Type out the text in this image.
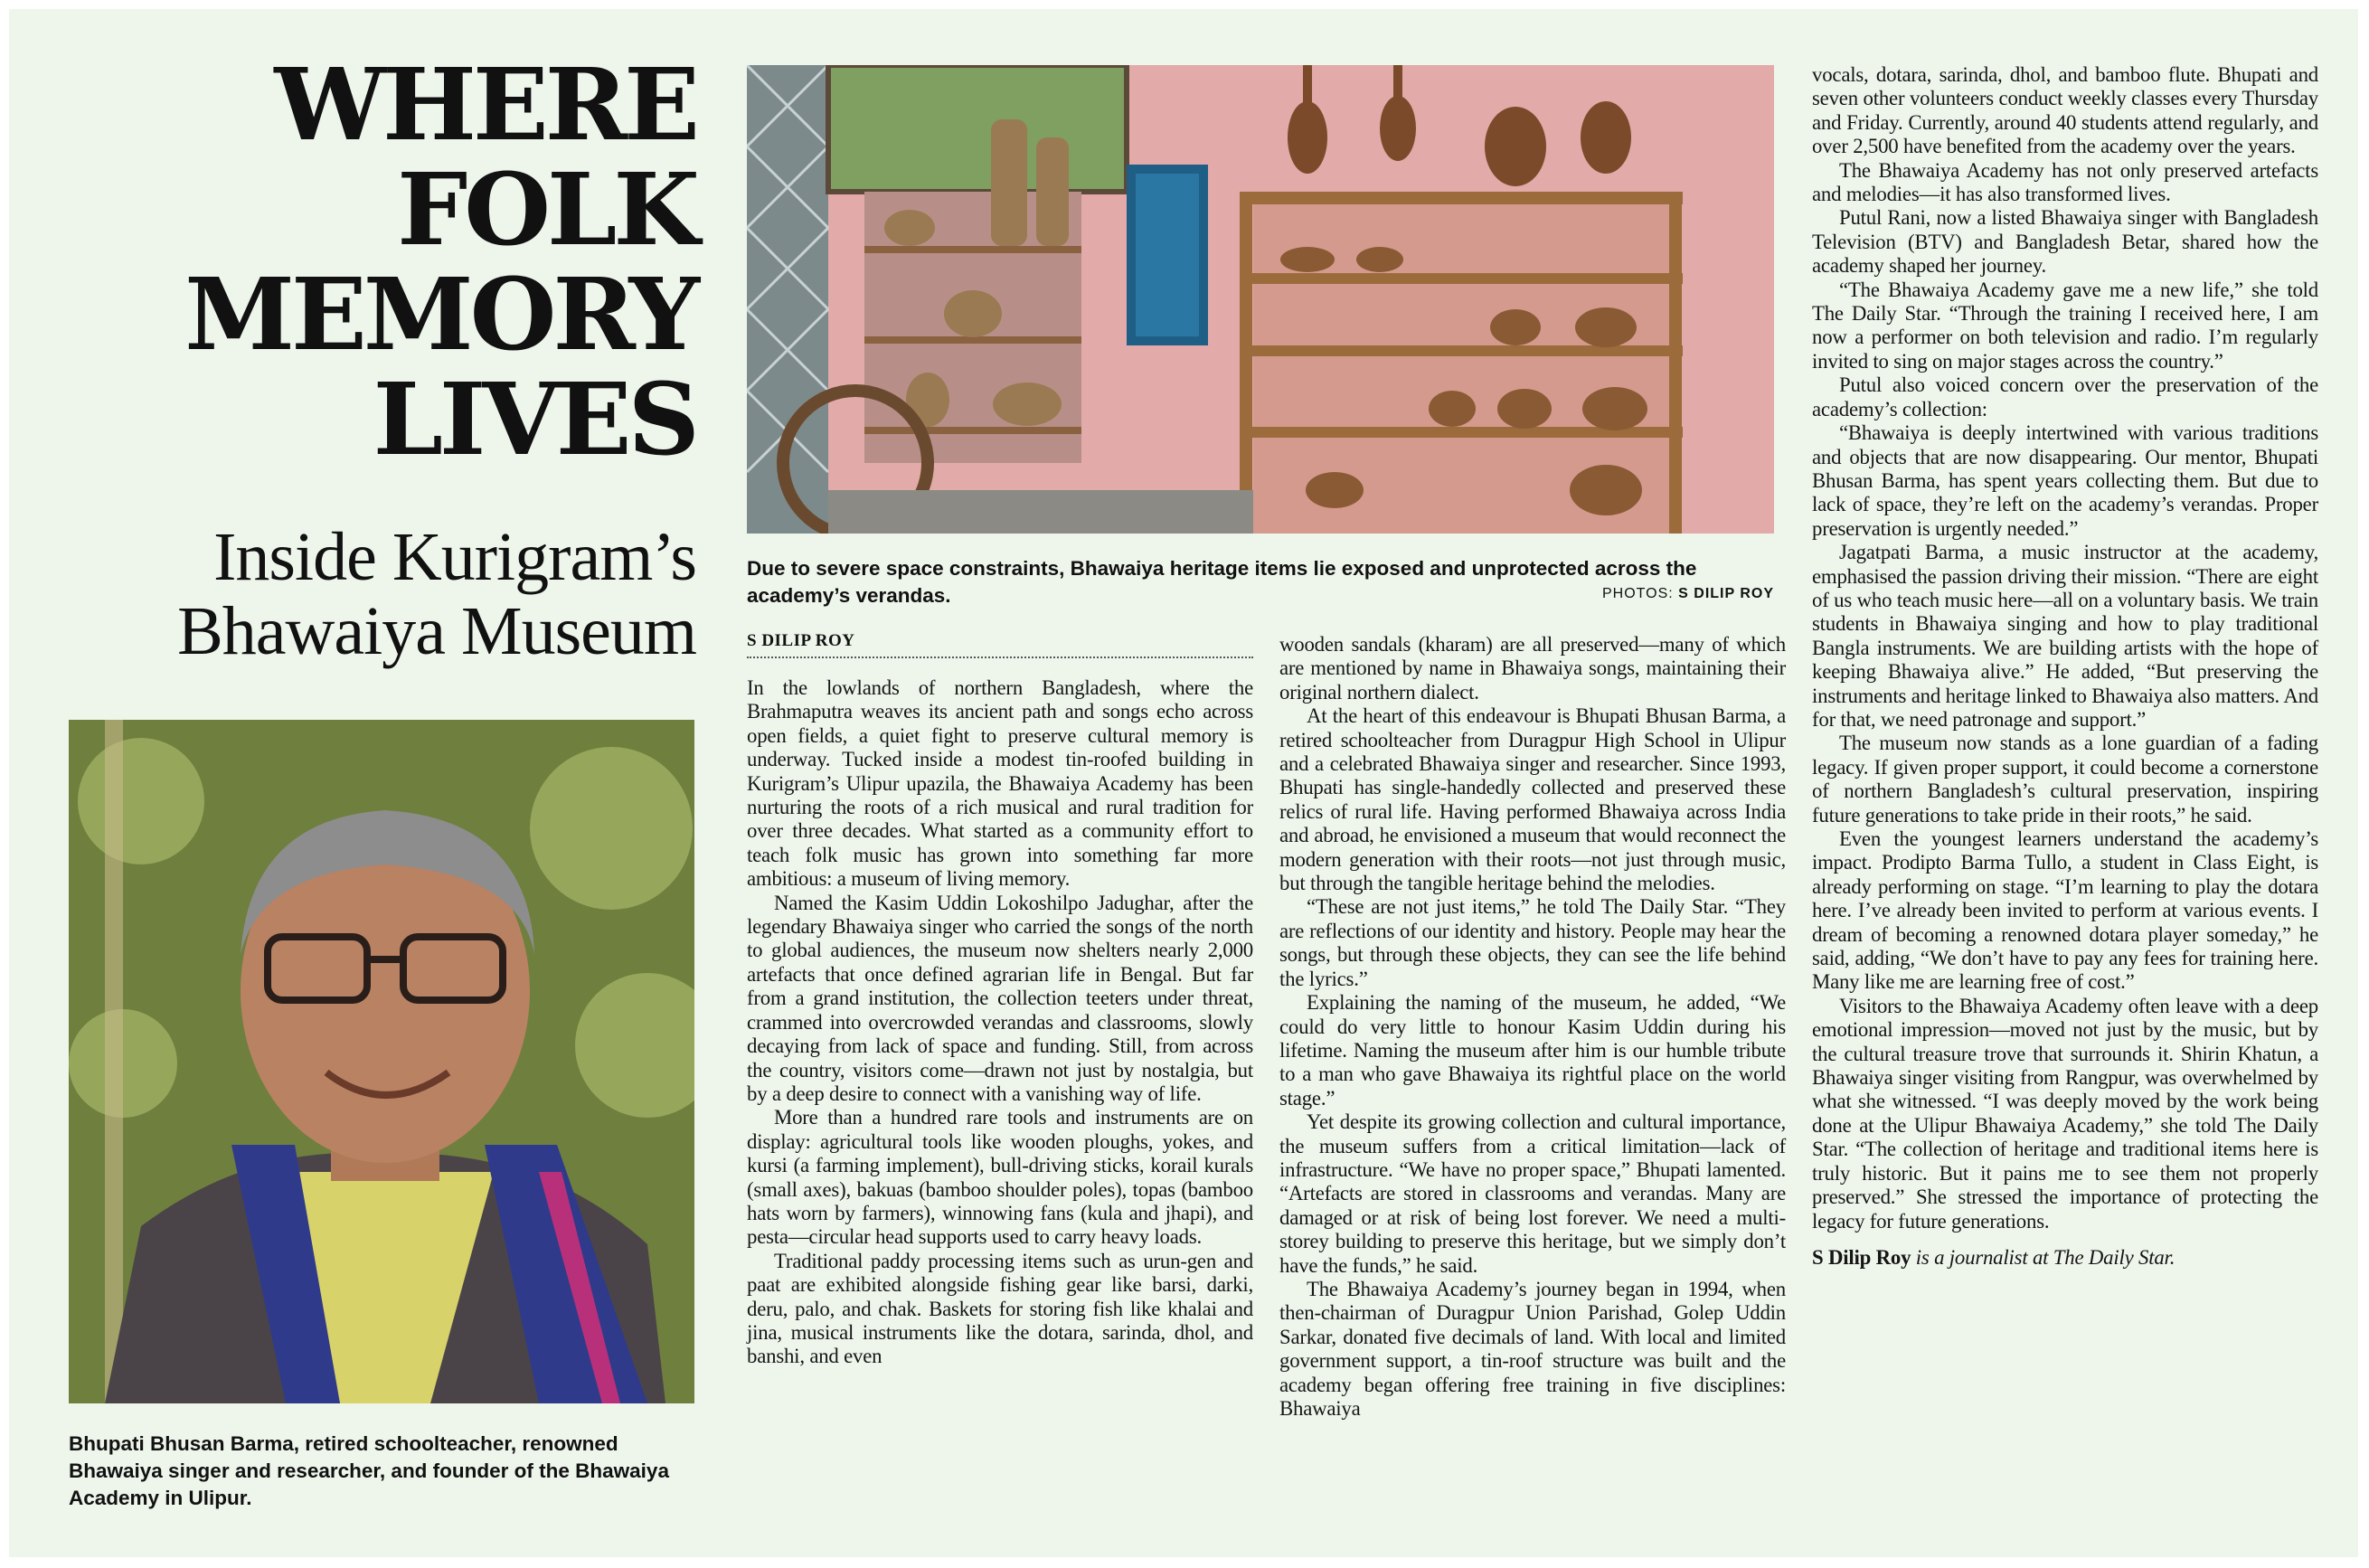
WHERE
FOLK
MEMORY
LIVES
Inside Kurigram’s
Bhawaiya Museum

Due to severe space constraints, Bhawaiya heritage items lie exposed and unprotected across the academy’s verandas.	PHOTOS: S DILIP ROY

Bhupati Bhusan Barma, retired schoolteacher, renowned Bhawaiya singer and researcher, and founder of the Bhawaiya Academy in Ulipur.

S DILIP ROY

In the lowlands of northern Bangladesh, where the Brahmaputra weaves its ancient path and songs echo across open fields, a quiet fight to preserve cultural memory is underway. Tucked inside a modest tin-roofed building in Kurigram’s Ulipur upazila, the Bhawaiya Academy has been nurturing the roots of a rich musical and rural tradition for over three decades. What started as a community effort to teach folk music has grown into something far more ambitious: a museum of living memory.

Named the Kasim Uddin Lokoshilpo Jadughar, after the legendary Bhawaiya singer who carried the songs of the north to global audiences, the museum now shelters nearly 2,000 artefacts that once defined agrarian life in Bengal. But far from a grand institution, the collection teeters under threat, crammed into overcrowded verandas and classrooms, slowly decaying from lack of space and funding. Still, from across the country, visitors come—drawn not just by nostalgia, but by a deep desire to connect with a vanishing way of life.

More than a hundred rare tools and instruments are on display: agricultural tools like wooden ploughs, yokes, and kursi (a farming implement), bull-driving sticks, korail kurals (small axes), bakuas (bamboo shoulder poles), topas (bamboo hats worn by farmers), winnowing fans (kula and jhapi), and pesta—circular head supports used to carry heavy loads.

Traditional paddy processing items such as urun-gen and paat are exhibited alongside fishing gear like barsi, darki, deru, palo, and chak. Baskets for storing fish like khalai and jina, musical instruments like the dotara, sarinda, dhol, and banshi, and even

wooden sandals (kharam) are all preserved—many of which are mentioned by name in Bhawaiya songs, maintaining their original northern dialect.

At the heart of this endeavour is Bhupati Bhusan Barma, a retired schoolteacher from Duragpur High School in Ulipur and a celebrated Bhawaiya singer and researcher. Since 1993, Bhupati has single-handedly collected and preserved these relics of rural life. Having performed Bhawaiya across India and abroad, he envisioned a museum that would reconnect the modern generation with their roots—not just through music, but through the tangible heritage behind the melodies.

“These are not just items,” he told The Daily Star. “They are reflections of our identity and history. People may hear the songs, but through these objects, they can see the life behind the lyrics.”

Explaining the naming of the museum, he added, “We could do very little to honour Kasim Uddin during his lifetime. Naming the museum after him is our humble tribute to a man who gave Bhawaiya its rightful place on the world stage.”

Yet despite its growing collection and cultural importance, the museum suffers from a critical limitation—lack of infrastructure. “We have no proper space,” Bhupati lamented. “Artefacts are stored in classrooms and verandas. Many are damaged or at risk of being lost forever. We need a multi-storey building to preserve this heritage, but we simply don’t have the funds,” he said.

The Bhawaiya Academy’s journey began in 1994, when then-chairman of Duragpur Union Parishad, Golep Uddin Sarkar, donated five decimals of land. With local and limited government support, a tin-roof structure was built and the academy began offering free training in five disciplines: Bhawaiya

vocals, dotara, sarinda, dhol, and bamboo flute. Bhupati and seven other volunteers conduct weekly classes every Thursday and Friday. Currently, around 40 students attend regularly, and over 2,500 have benefited from the academy over the years.

The Bhawaiya Academy has not only preserved artefacts and melodies—it has also transformed lives.

Putul Rani, now a listed Bhawaiya singer with Bangladesh Television (BTV) and Bangladesh Betar, shared how the academy shaped her journey.

“The Bhawaiya Academy gave me a new life,” she told The Daily Star. “Through the training I received here, I am now a performer on both television and radio. I’m regularly invited to sing on major stages across the country.”

Putul also voiced concern over the preservation of the academy’s collection:

“Bhawaiya is deeply intertwined with various traditions and objects that are now disappearing. Our mentor, Bhupati Bhusan Barma, has spent years collecting them. But due to lack of space, they’re left on the academy’s verandas. Proper preservation is urgently needed.”

Jagatpati Barma, a music instructor at the academy, emphasised the passion driving their mission. “There are eight of us who teach music here—all on a voluntary basis. We train students in Bhawaiya singing and how to play traditional Bangla instruments. We are building artists with the hope of keeping Bhawaiya alive.” He added, “But preserving the instruments and heritage linked to Bhawaiya also matters. And for that, we need patronage and support.”

The museum now stands as a lone guardian of a fading legacy. If given proper support, it could become a cornerstone of northern Bangladesh’s cultural preservation, inspiring future generations to take pride in their roots,” he said.

Even the youngest learners understand the academy’s impact. Prodipto Barma Tullo, a student in Class Eight, is already performing on stage. “I’m learning to play the dotara here. I’ve already been invited to perform at various events. I dream of becoming a renowned dotara player someday,” he said, adding, “We don’t have to pay any fees for training here. Many like me are learning free of cost.”

Visitors to the Bhawaiya Academy often leave with a deep emotional impression—moved not just by the music, but by the cultural treasure trove that surrounds it. Shirin Khatun, a Bhawaiya singer visiting from Rangpur, was overwhelmed by what she witnessed. “I was deeply moved by the work being done at the Ulipur Bhawaiya Academy,” she told The Daily Star. “The collection of heritage and traditional items here is truly historic. But it pains me to see them not properly preserved.” She stressed the importance of protecting the legacy for future generations.

S Dilip Roy is a journalist at The Daily Star.
